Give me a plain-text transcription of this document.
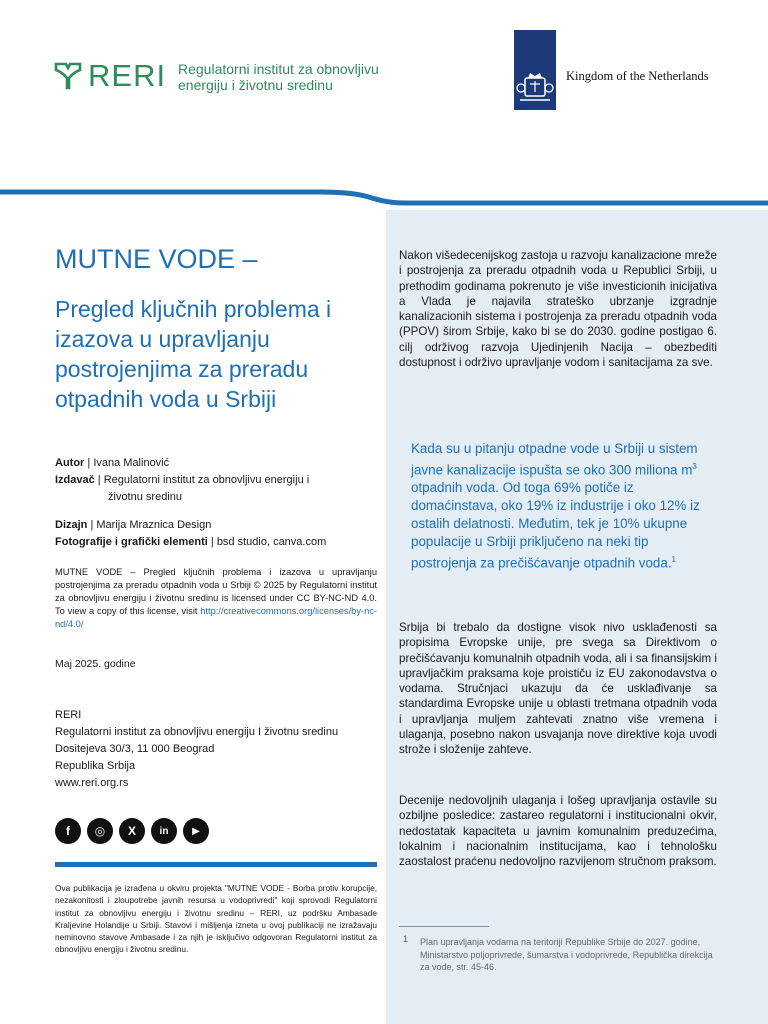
RERI Regulatorni institut za obnovljivu energiju i životnu sredinu
Kingdom of the Netherlands
MUTNE VODE –
Pregled ključnih problema i izazova u upravljanju postrojenjima za preradu otpadnih voda u Srbiji
Autor | Ivana Malinović
Izdavač | Regulatorni institut za obnovljivu energiju i
životnu sredinu
Dizajn | Marija Mraznica Design
Fotografije i grafički elementi | bsd studio, canva.com
MUTNE VODE – Pregled ključnih problema i izazova u upravljanju postrojenjima za preradu otpadnih voda u Srbiji © 2025 by Regulatorni institut za obnovljivu energiju i životnu sredinu is licensed under CC BY-NC-ND 4.0. To view a copy of this license, visit http://creativecommons.org/licenses/by-nc-nd/4.0/
Maj 2025. godine
RERI
Regulatorni institut za obnovljivu energiju I životnu sredinu
Dositejeva 30/3, 11 000 Beograd
Republika Srbija
www.reri.org.rs
f	◎	X	in	▶
Ova publikacija je izrađena u okviru projekta "MUTNE VODE - Borba protiv korupcije, nezakonitosti i zloupotrebe javnih resursa u vodoprivredi" koji sprovodi Regulatorni institut za obnovljivu energiju i životnu sredinu – RERI, uz podršku Ambasade Kraljevine Holandije u Srbiji. Stavovi i mišljenja izneta u ovoj publikaciji ne izražavaju neminovno stavove Ambasade i za njih je isključivo odgovoran Regulatorni institut za obnovljivu energiju i životnu sredinu.
Nakon višedecenijskog zastoja u razvoju kanalizacione mreže i postrojenja za preradu otpadnih voda u Republici Srbiji, u prethodim godinama pokrenuto je više investicionih inicijativa a Vlada je najavila strateško ubrzanje izgradnje kanalizacionih sistema i postrojenja za preradu otpadnih voda (PPOV) širom Srbije, kako bi se do 2030. godine postigao 6. cilj održivog razvoja Ujedinjenih Nacija – obezbediti dostupnost i održivo upravljanje vodom i sanitacijama za sve.
Kada su u pitanju otpadne vode u Srbiji u sistem javne kanalizacije ispušta se oko 300 miliona $m^3$ otpadnih voda. Od toga 69% potiče iz domaćinstava, oko 19% iz industrije i oko 12% iz ostalih delatnosti. Međutim, tek je 10% ukupne populacije u Srbiji priključeno na neki tip postrojenja za prečišćavanje otpadnih voda.$^1$
Srbija bi trebalo da dostigne visok nivo usklađenosti sa propisima Evropske unije, pre svega sa Direktivom o prečišćavanju komunalnih otpadnih voda, ali i sa finansijskim i upravljačkim praksama koje proističu iz EU zakonodavstva o vodama. Stručnjaci ukazuju da će usklađivanje sa standardima Evropske unije u oblasti tretmana otpadnih voda i upravljanja muljem zahtevati znatno više vremena i ulaganja, posebno nakon usvajanja nove direktive koja uvodi strože i složenije zahteve.
Decenije nedovoljnih ulaganja i lošeg upravljanja ostavile su ozbiljne posledice: zastareo regulatorni i institucionalni okvir, nedostatak kapaciteta u javnim komunalnim preduzećima, lokalnim i nacionalnim institucijama, kao i tehnološku zaostalost praćenu nedovoljno razvijenom stručnom praksom.
1 Plan upravljanja vodama na teritoriji Republike Srbije do 2027. godine, Ministarstvo poljoprivrede, šumarstva i vodoprivrede, Republička direkcija za vode, str. 45-46.
